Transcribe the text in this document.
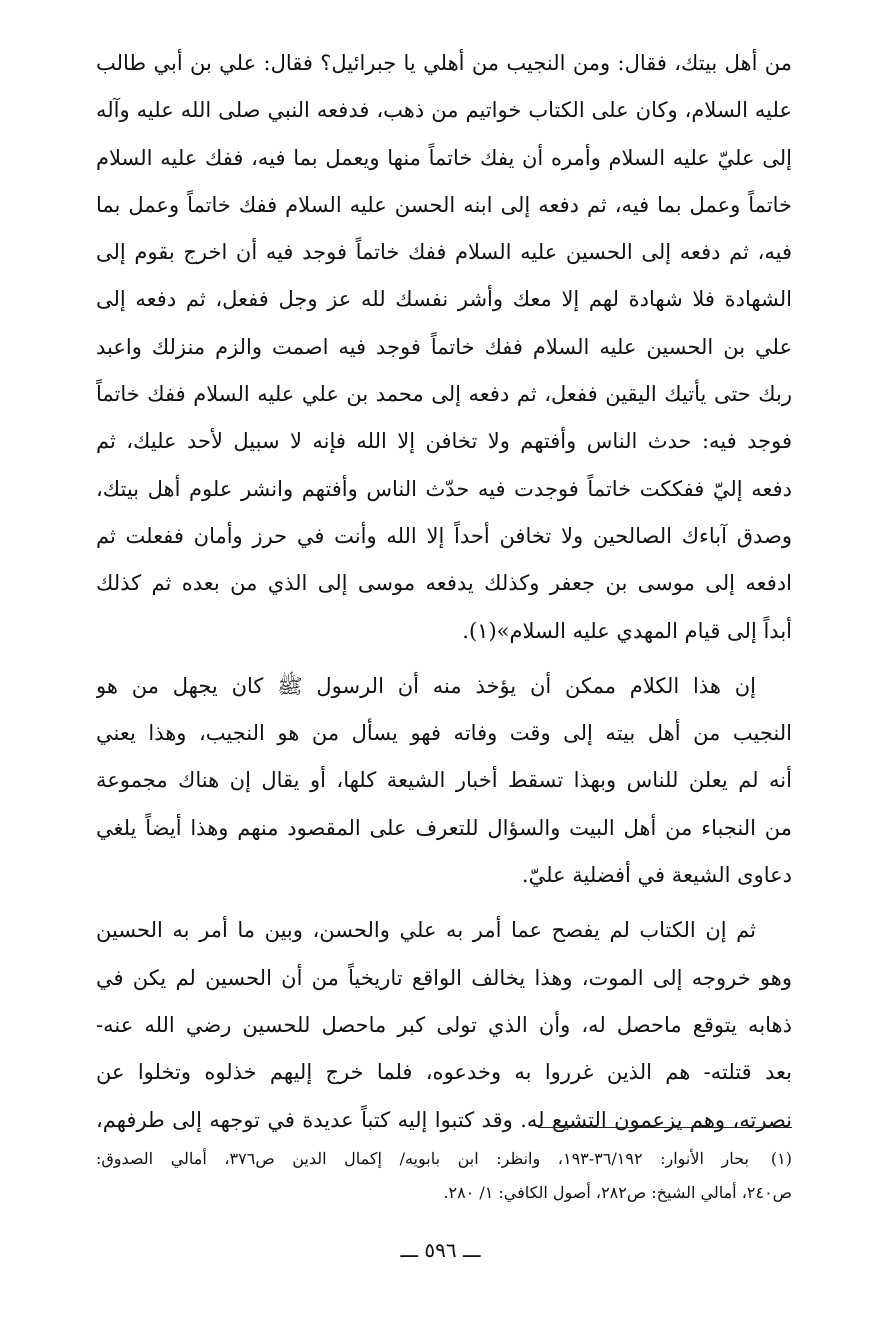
من أهل بيتك، فقال: ومن النجيب من أهلي يا جبرائيل؟ فقال: علي بن أبي طالب
عليه السلام، وكان على الكتاب خواتيم من ذهب، فدفعه النبي صلى الله عليه وآله
إلى عليّ عليه السلام وأمره أن يفك خاتماً منها ويعمل بما فيه، ففك عليه السلام
خاتماً وعمل بما فيه، ثم دفعه إلى ابنه الحسن عليه السلام ففك خاتماً وعمل بما
فيه، ثم دفعه إلى الحسين عليه السلام ففك خاتماً فوجد فيه أن اخرج بقوم إلى
الشهادة فلا شهادة لهم إلا معك وأشر نفسك لله عز وجل ففعل، ثم دفعه إلى
علي بن الحسين عليه السلام ففك خاتماً فوجد فيه اصمت والزم منزلك واعبد
ربك حتى يأتيك اليقين ففعل، ثم دفعه إلى محمد بن علي عليه السلام ففك خاتماً
فوجد فيه: حدث الناس وأفتهم ولا تخافن إلا الله فإنه لا سبيل لأحد عليك، ثم
دفعه إليّ ففككت خاتماً فوجدت فيه حدّث الناس وأفتهم وانشر علوم أهل بيتك،
وصدق آباءك الصالحين ولا تخافن أحداً إلا الله وأنت في حرز وأمان ففعلت ثم
ادفعه إلى موسى بن جعفر وكذلك يدفعه موسى إلى الذي من بعده ثم كذلك
أبداً إلى قيام المهدي عليه السلام»(١).
إن هذا الكلام ممكن أن يؤخذ منه أن الرسول ﷺ كان يجهل من هو
النجيب من أهل بيته إلى وقت وفاته فهو يسأل من هو النجيب، وهذا يعني
أنه لم يعلن للناس وبهذا تسقط أخبار الشيعة كلها، أو يقال إن هناك مجموعة
من النجباء من أهل البيت والسؤال للتعرف على المقصود منهم وهذا أيضاً يلغي
دعاوى الشيعة في أفضلية عليّ.
ثم إن الكتاب لم يفصح عما أمر به علي والحسن، وبين ما أمر به الحسين
وهو خروجه إلى الموت، وهذا يخالف الواقع تاريخياً من أن الحسين لم يكن في
ذهابه يتوقع ماحصل له، وأن الذي تولى كبر ماحصل للحسين رضي الله عنه-
بعد قتلته- هم الذين غرروا به وخدعوه، فلما خرج إليهم خذلوه وتخلوا عن
نصرته، وهم يزعمون التشيع له. وقد كتبوا إليه كتباً عديدة في توجهه إلى طرفهم،
(١)بحار الأنوار: ٣٦/١٩٢-١٩٣، وانظر: ابن بابويه/ إكمال الدين ص٣٧٦، أمالي الصدوق:
ص٢٤٠، أمالي الشيخ: ص٢٨٢، أصول الكافي: ١/ ٢٨٠.
ـــ ٥٩٦ ـــ
